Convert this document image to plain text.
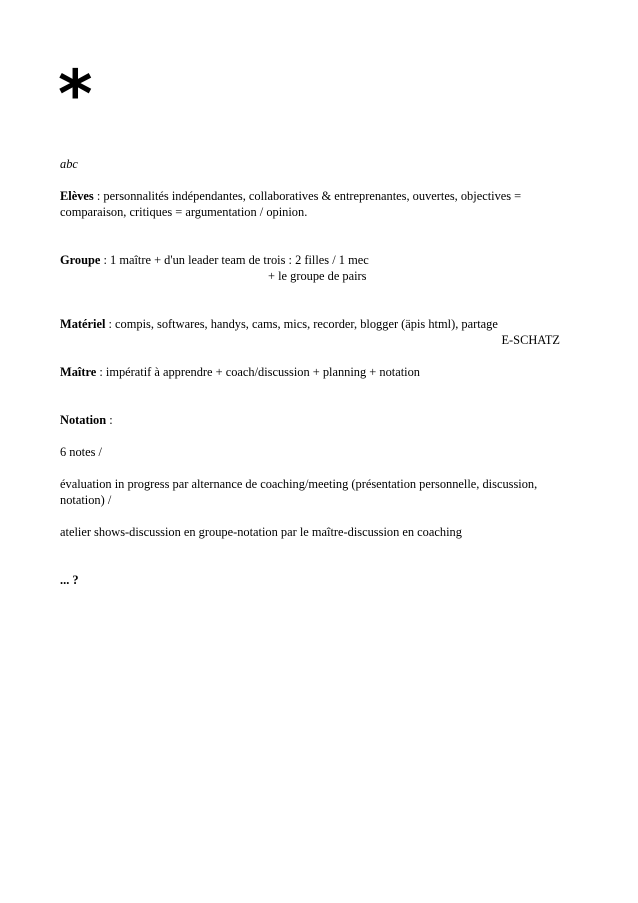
*

abc

Elèves : personnalités indépendantes, collaboratives & entreprenantes, ouvertes, objectives = comparaison, critiques = argumentation / opinion.

Groupe : 1 maître + d'un leader team de trois : 2 filles / 1 mec

+ le groupe de pairs

Matériel : compis, softwares, handys, cams, mics, recorder, blogger (äpis html), partage

E-SCHATZ

Maître : impératif à apprendre + coach/discussion + planning + notation

Notation :

6 notes /

évaluation in progress par alternance de coaching/meeting (présentation personnelle, discussion, notation) /

atelier shows-discussion en groupe-notation par le maître-discussion en coaching

... ?
